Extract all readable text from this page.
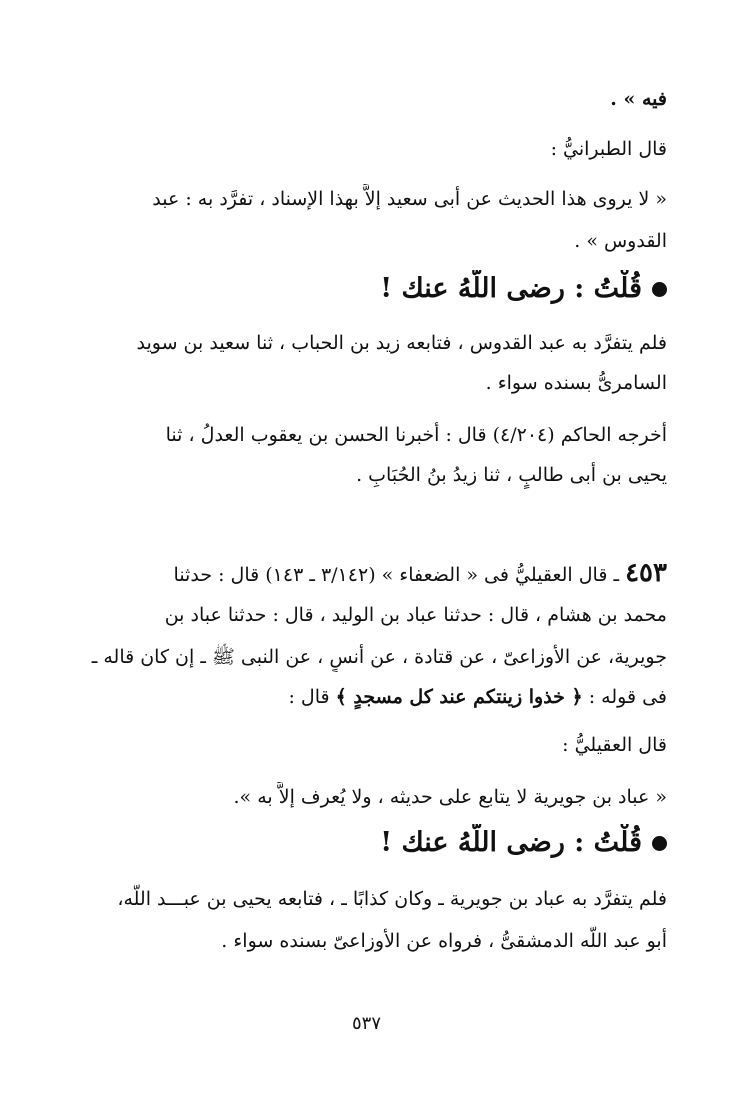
فيه » .
قال الطبرانيُّ :
« لا يروى هذا الحديث عن أبى سعيد إلاَّ بهذا الإسناد ، تفرَّد به : عبد
القدوس » .
قُلْتُ : رضى اللَّهُ عنك !
فلم يتفرَّد به عبد القدوس ، فتابعه زيد بن الحباب ، ثنا سعيد بن سويد
السامرىُّ بسنده سواء .
أخرجه الحاكم (٤/٢٠٤) قال : أخبرنا الحسن بن يعقوب العدلُ ، ثنا
يحيى بن أبى طالبٍ ، ثنا زيدُ بنُ الحُبَابِ .
٤٥٣ ـ قال العقيليُّ فى « الضعفاء » (٣/١٤٢ ـ ١٤٣) قال : حدثنا
محمد بن هشام ، قال : حدثنا عباد بن الوليد ، قال : حدثنا عباد بن
جويرية، عن الأوزاعىّ ، عن قتادة ، عن أنسٍ ، عن النبى ﷺ ـ إن كان قاله ـ
فى قوله : ﴿ خذوا زينتكم عند كل مسجدٍ ﴾ قال :
قال العقيليُّ :
« عباد بن جويرية لا يتابع على حديثه ، ولا يُعرف إلاَّ به ».
قُلْتُ : رضى اللَّهُ عنك !
فلم يتفرَّد به عباد بن جويرية ـ وكان كذابًا ـ ، فتابعه يحيى بن عبـــد اللَّه،
أبو عبد اللَّه الدمشقىُّ ، فرواه عن الأوزاعىّ بسنده سواء .
٥٣٧
